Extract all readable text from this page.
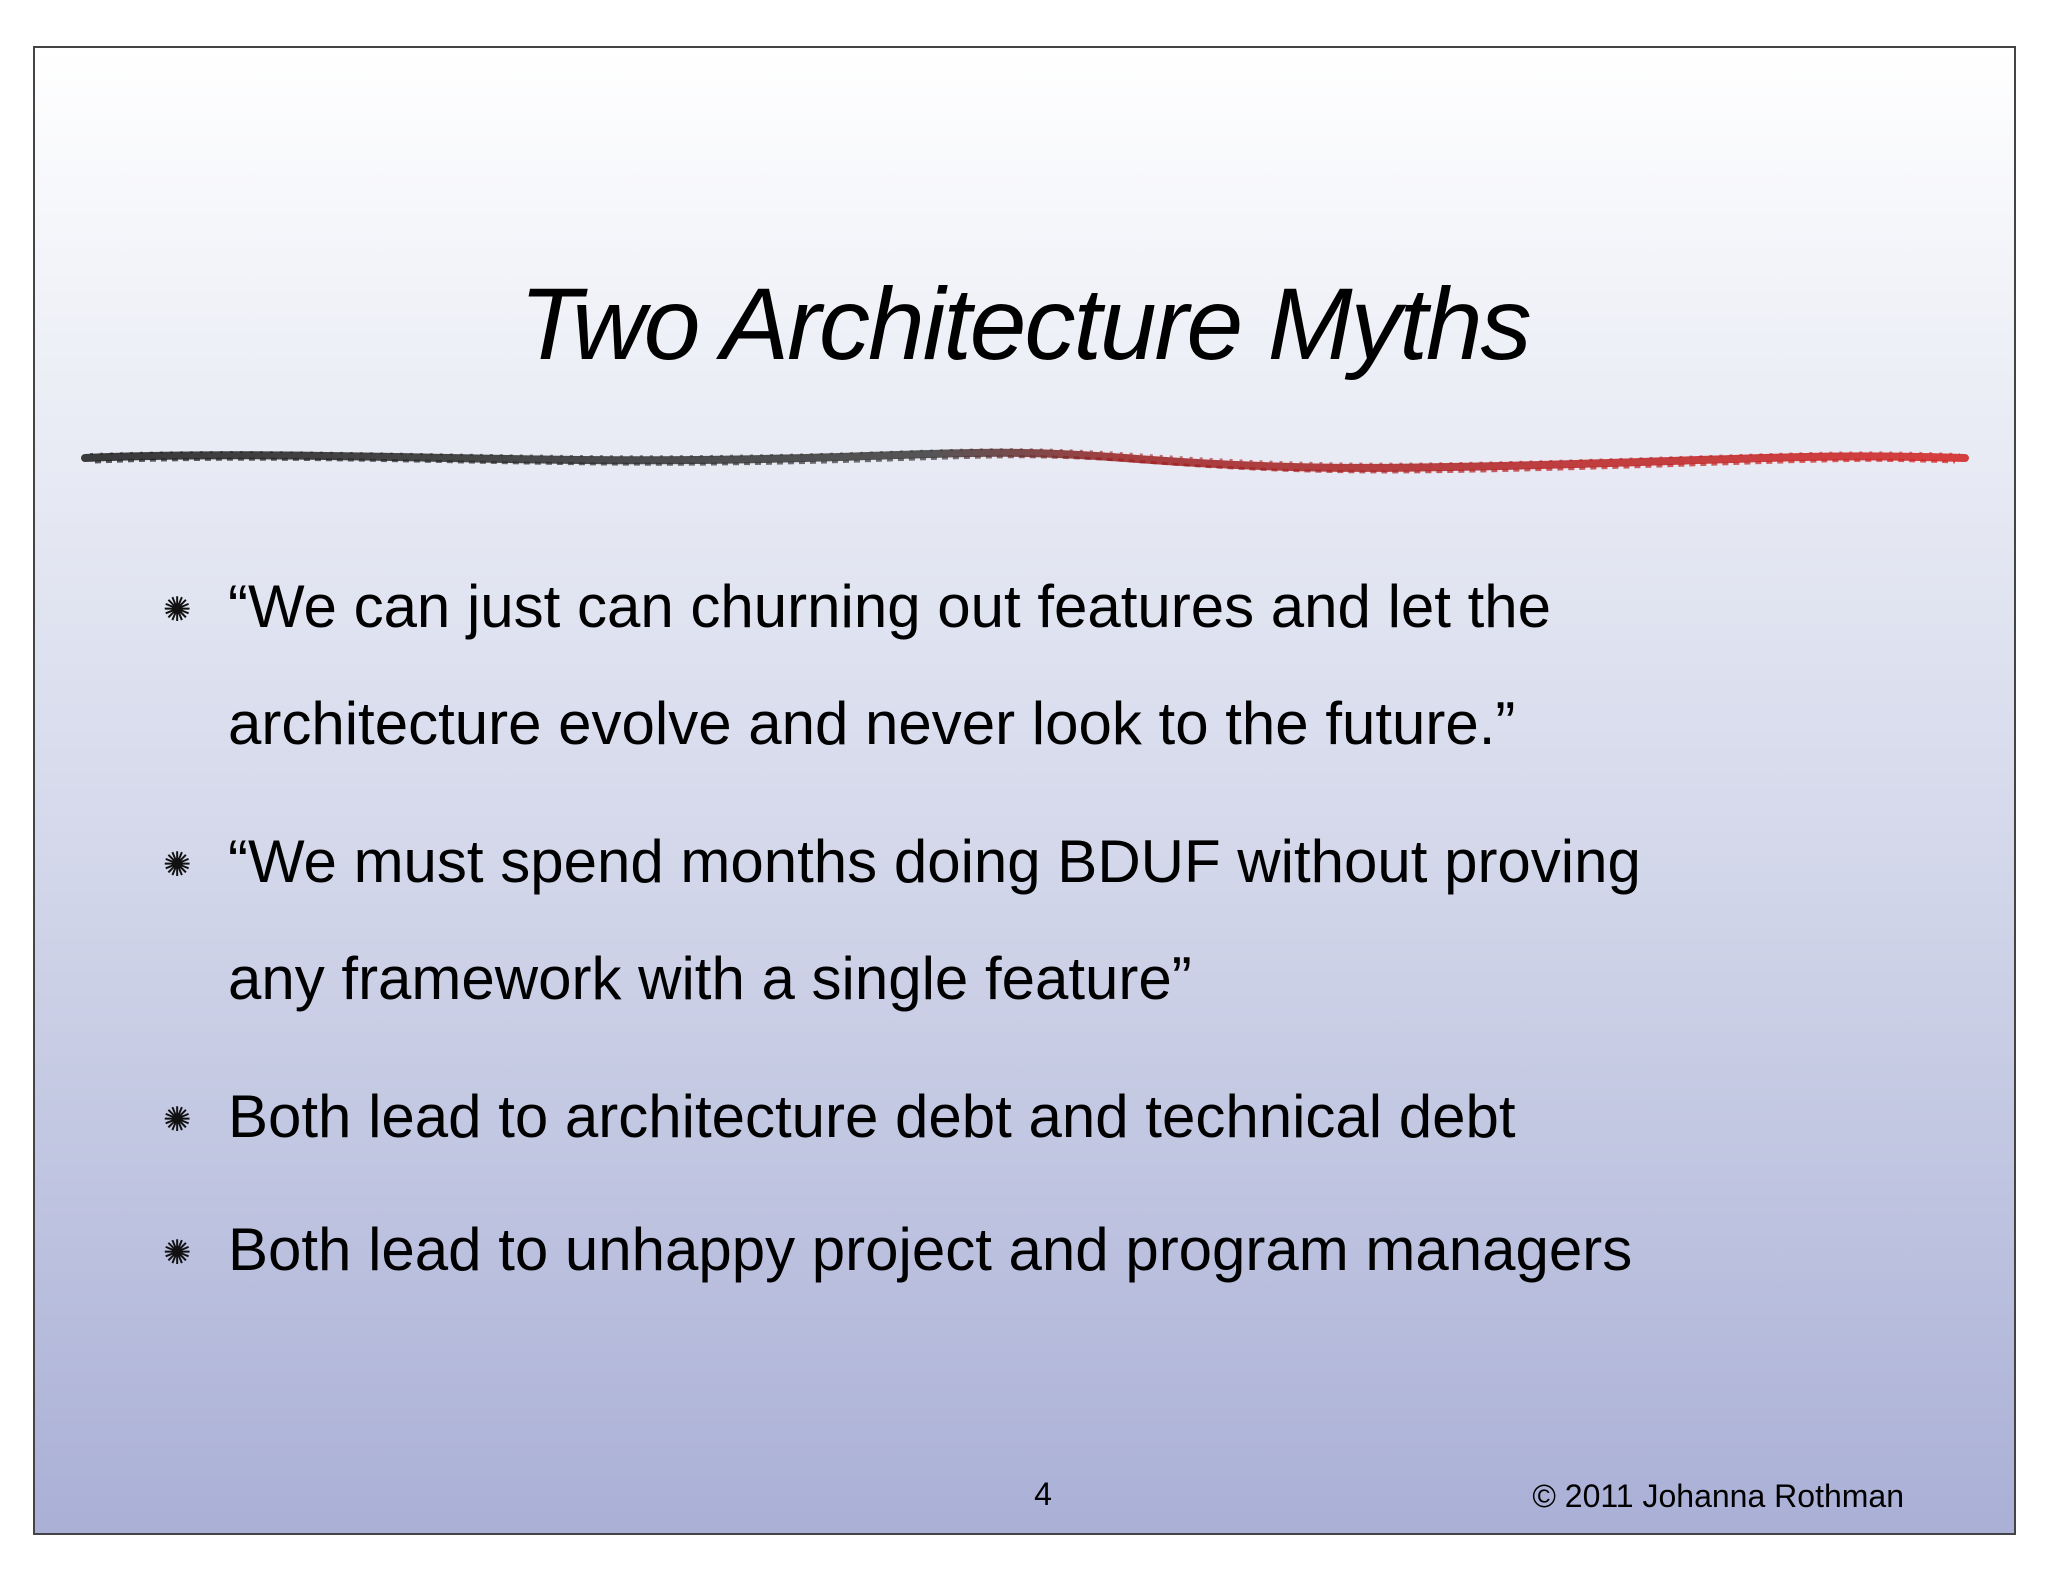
Two Architecture Myths
✺ “We can just can churning out features and let the
architecture evolve and never look to the future.”
✺ “We must spend months doing BDUF without proving
any framework with a single feature”
✺ Both lead to architecture debt and technical debt
✺ Both lead to unhappy project and program managers
4	© 2011 Johanna Rothman
